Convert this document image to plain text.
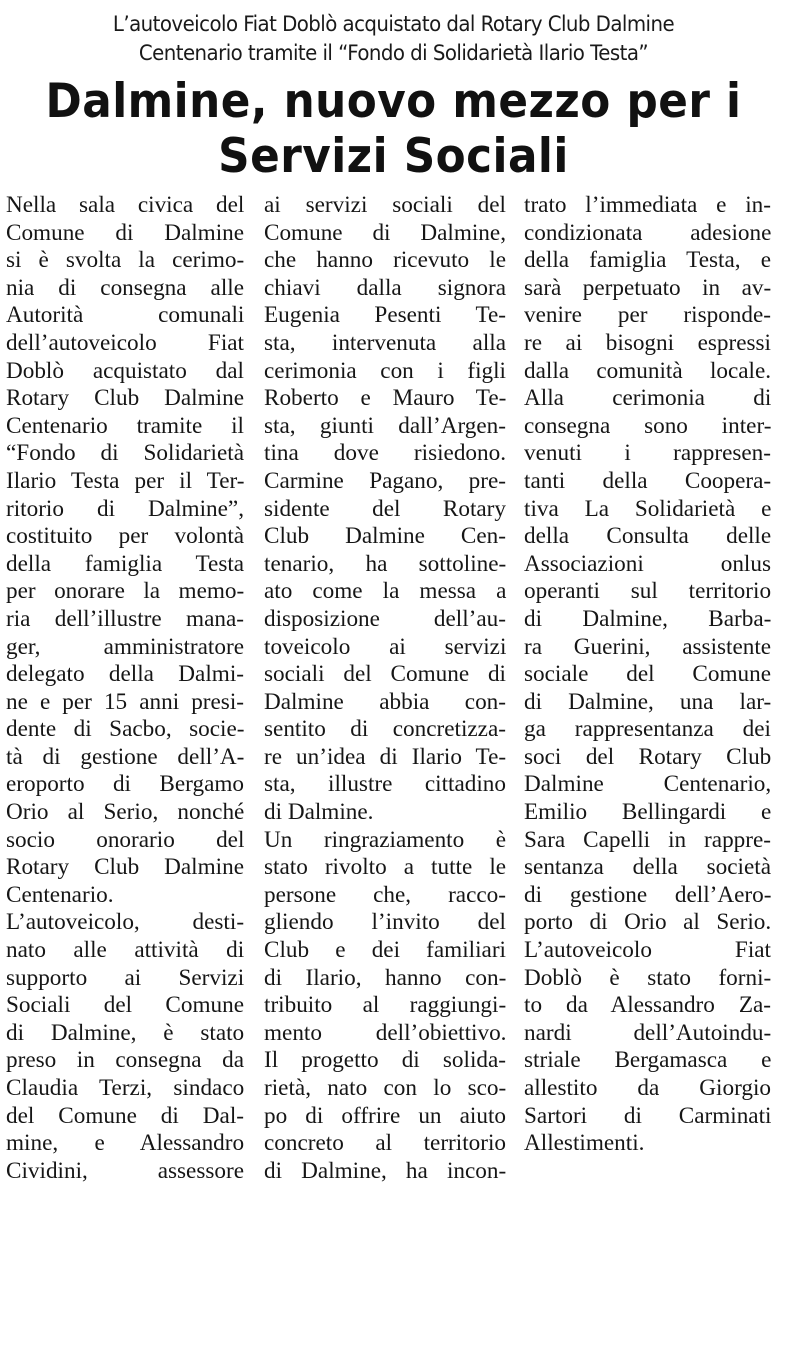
L’autoveicolo Fiat Doblò acquistato dal Rotary Club Dalmine
Centenario tramite il “Fondo di Solidarietà Ilario Testa”
Dalmine, nuovo mezzo per i
Servizi Sociali
Nella sala civica del
Comune di Dalmine
si è svolta la cerimo-
nia di consegna alle
Autorità comunali
dell’autoveicolo Fiat
Doblò acquistato dal
Rotary Club Dalmine
Centenario tramite il
“Fondo di Solidarietà
Ilario Testa per il Ter-
ritorio di Dalmine”,
costituito per volontà
della famiglia Testa
per onorare la memo-
ria dell’illustre mana-
ger, amministratore
delegato della Dalmi-
ne e per 15 anni presi-
dente di Sacbo, socie-
tà di gestione dell’A-
eroporto di Bergamo
Orio al Serio, nonché
socio onorario del
Rotary Club Dalmine
Centenario.
L’autoveicolo, desti-
nato alle attività di
supporto ai Servizi
Sociali del Comune
di Dalmine, è stato
preso in consegna da
Claudia Terzi, sindaco
del Comune di Dal-
mine, e Alessandro
Cividini, assessore
ai servizi sociali del
Comune di Dalmine,
che hanno ricevuto le
chiavi dalla signora
Eugenia Pesenti Te-
sta, intervenuta alla
cerimonia con i figli
Roberto e Mauro Te-
sta, giunti dall’Argen-
tina dove risiedono.
Carmine Pagano, pre-
sidente del Rotary
Club Dalmine Cen-
tenario, ha sottoline-
ato come la messa a
disposizione dell’au-
toveicolo ai servizi
sociali del Comune di
Dalmine abbia con-
sentito di concretizza-
re un’idea di Ilario Te-
sta, illustre cittadino
di Dalmine.
Un ringraziamento è
stato rivolto a tutte le
persone che, racco-
gliendo l’invito del
Club e dei familiari
di Ilario, hanno con-
tribuito al raggiungi-
mento dell’obiettivo.
Il progetto di solida-
rietà, nato con lo sco-
po di offrire un aiuto
concreto al territorio
di Dalmine, ha incon-
trato l’immediata e in-
condizionata adesione
della famiglia Testa, e
sarà perpetuato in av-
venire per risponde-
re ai bisogni espressi
dalla comunità locale.
Alla cerimonia di
consegna sono inter-
venuti i rappresen-
tanti della Coopera-
tiva La Solidarietà e
della Consulta delle
Associazioni onlus
operanti sul territorio
di Dalmine, Barba-
ra Guerini, assistente
sociale del Comune
di Dalmine, una lar-
ga rappresentanza dei
soci del Rotary Club
Dalmine Centenario,
Emilio Bellingardi e
Sara Capelli in rappre-
sentanza della società
di gestione dell’Aero-
porto di Orio al Serio.
L’autoveicolo Fiat
Doblò è stato forni-
to da Alessandro Za-
nardi dell’Autoindu-
striale Bergamasca e
allestito da Giorgio
Sartori di Carminati
Allestimenti.
